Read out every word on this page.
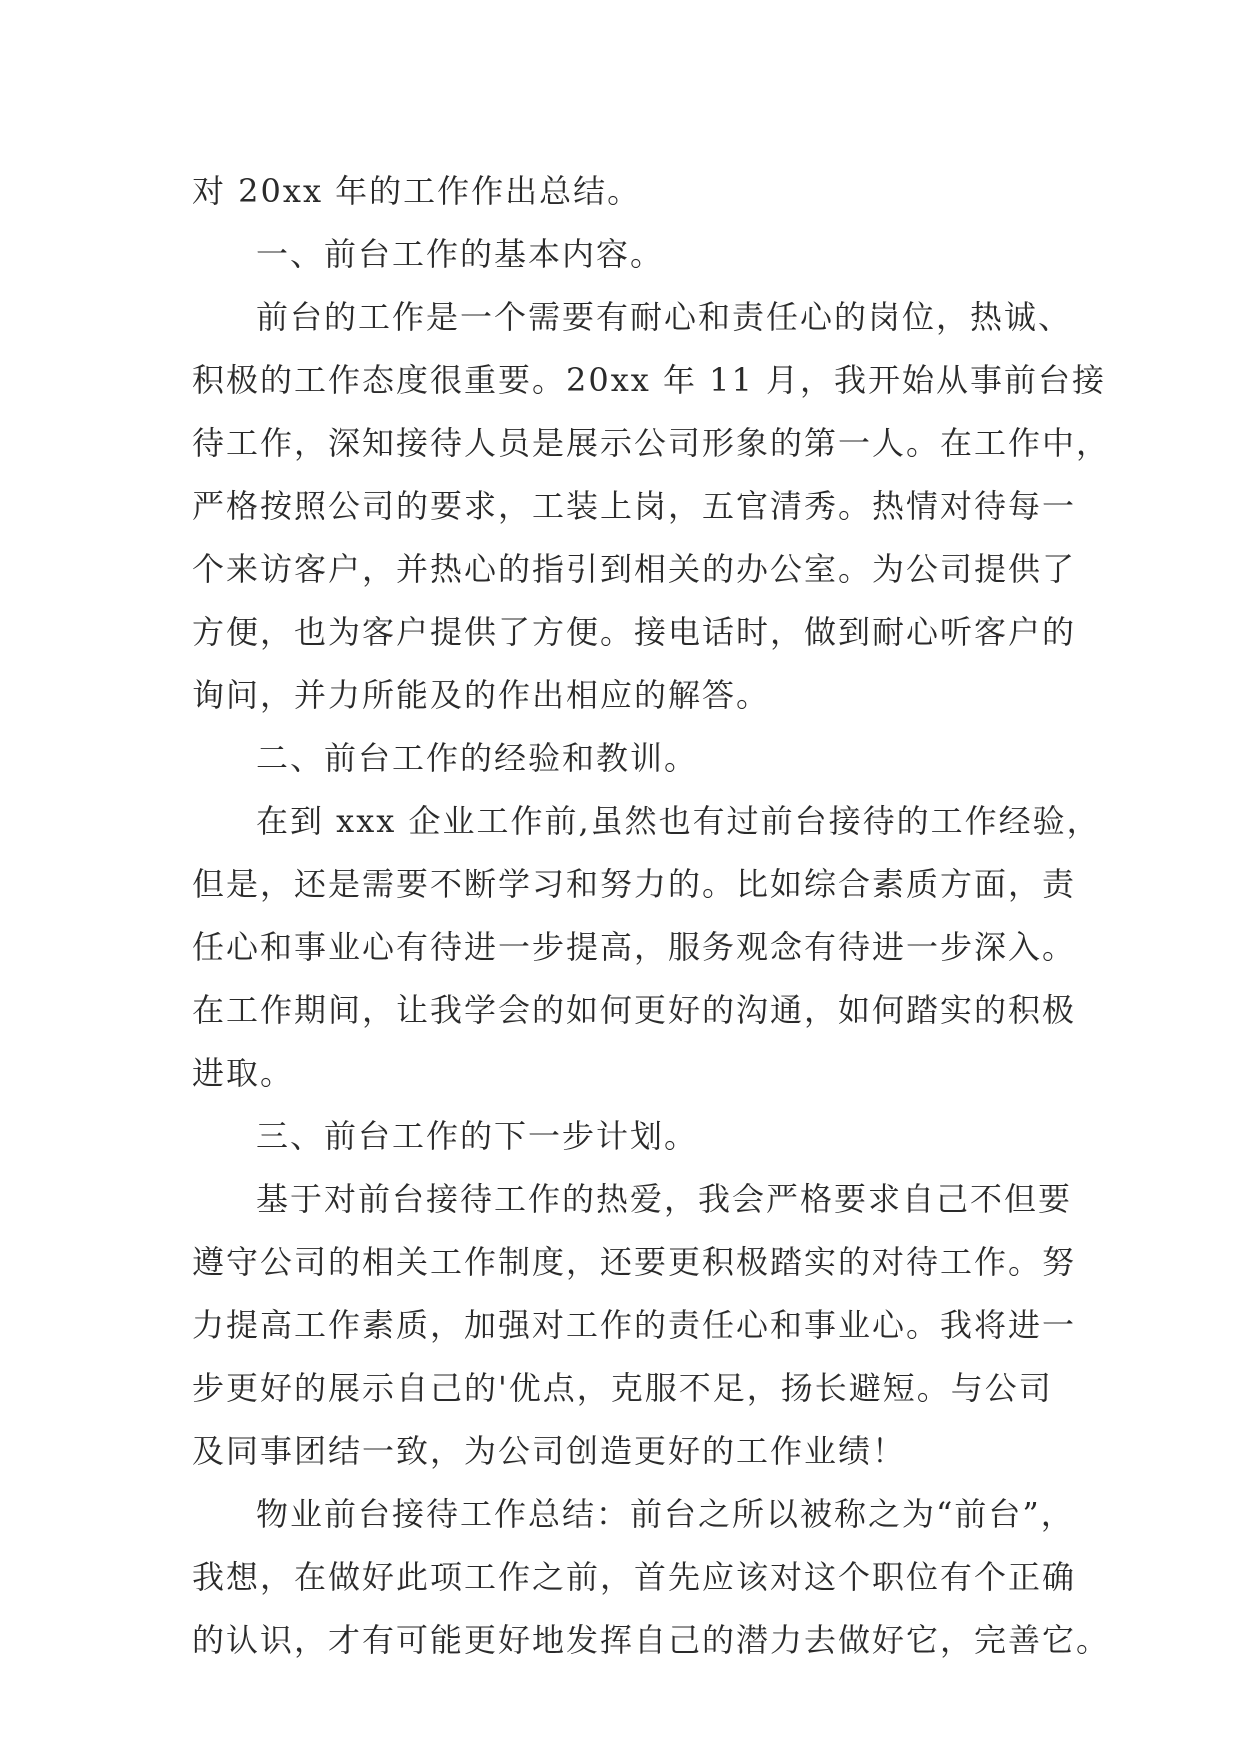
对 20xx 年的工作作出总结。
一、前台工作的基本内容。
前台的工作是一个需要有耐心和责任心的岗位，热诚、
积极的工作态度很重要。20xx 年 11 月，我开始从事前台接
待工作，深知接待人员是展示公司形象的第一人。在工作中，
严格按照公司的要求，工装上岗，五官清秀。热情对待每一
个来访客户，并热心的指引到相关的办公室。为公司提供了
方便，也为客户提供了方便。接电话时，做到耐心听客户的
询问，并力所能及的作出相应的解答。
二、前台工作的经验和教训。
在到 xxx 企业工作前,虽然也有过前台接待的工作经验，
但是，还是需要不断学习和努力的。比如综合素质方面，责
任心和事业心有待进一步提高，服务观念有待进一步深入。
在工作期间，让我学会的如何更好的沟通，如何踏实的积极
进取。
三、前台工作的下一步计划。
基于对前台接待工作的热爱，我会严格要求自己不但要
遵守公司的相关工作制度，还要更积极踏实的对待工作。努
力提高工作素质，加强对工作的责任心和事业心。我将进一
步更好的展示自己的'优点，克服不足，扬长避短。与公司
及同事团结一致，为公司创造更好的工作业绩！
物业前台接待工作总结：前台之所以被称之为“前台”，
我想，在做好此项工作之前，首先应该对这个职位有个正确
的认识，才有可能更好地发挥自己的潜力去做好它，完善它。
